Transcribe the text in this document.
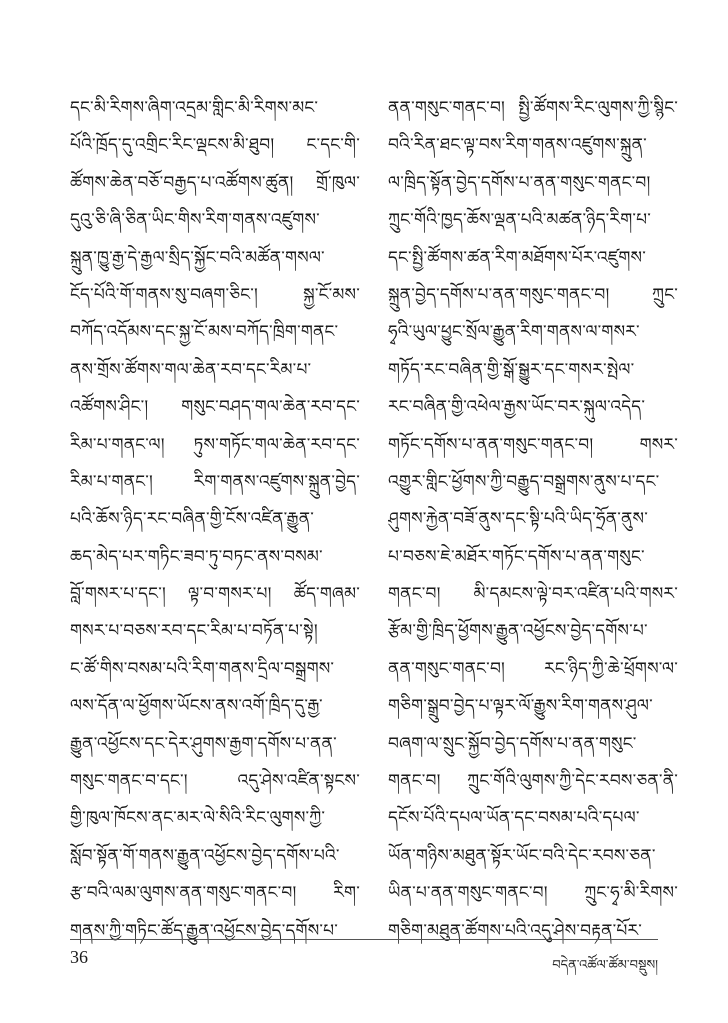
དང་མི་རིགས་ཞིག་འདྲམ་གླིང་མི་རིགས་མང་
པོའི་ཁྲོད་དུ་འགྲིང་རིང་ལྡངས་མི་ཐུབ། ང་དང་གི་
ཚོགས་ཆེན་བཅོ་བརྒྱད་པ་འཚོགས་ཚུན། གྲོ་ཁུལ་
དུའུ་ཅི་ཞི་ཅིན་ཡིང་གིས་རིག་གནས་འཛུགས་
སྐྲུན་ཁྱུ་རྒྱ་དེ་རྒྱལ་སྲིད་སྐྱོང་བའི་མཚོན་གསལ་
ངོད་པོའི་གོ་གནས་སུ་བཞག་ཅིང་། སྐྱ་ངོ་མས་
བཀོད་འདོམས་དང་སྐྱ་ངོ་མས་བཀོད་ཁྲིག་གནང་
ནས་གྲོས་ཚོགས་གལ་ཆེན་རབ་དང་རིམ་པ་
འཚོགས་ཤིང་། གསུང་བཤད་གལ་ཆེན་རབ་དང་
རིམ་པ་གནང་ལ། ཏུས་གཏོང་གལ་ཆེན་རབ་དང་
རིམ་པ་གནང་། རིག་གནས་འཛུགས་སྐྲུན་བྱེད་
པའི་ཆོས་ཉིད་རང་བཞིན་གྱི་ངོས་འཛིན་རྒྱུན་
ཆད་མེད་པར་གཏིང་ཟབ་ཏུ་བཏང་ནས་བསམ་
བློ་གསར་པ་དང་། ལྟ་བ་གསར་པ། ཚོད་གཞམ་
གསར་པ་བཅས་རབ་དང་རིམ་པ་བཏོན་པ་སྟེ།
ང་ཚོ་གིས་བསམ་པའི་རིག་གནས་དྲིལ་བསྒྲགས་
ལས་དོན་ལ་ཕྱོགས་ཡོངས་ནས་འགོ་ཁྲིད་དུ་རྒྱ་
རྒྱུན་འཕྱོངས་དང་དེར་ཤུགས་རྒྱག་དགོས་པ་ནན་
གསུང་གནང་བ་དང་། འདུ་ཤེས་འཛིན་སྟངས་
གྱི་ཁུལ་ཁོངས་ནང་མར་ལེ་སིའི་རིང་ལུགས་ཀྱི་
སློབ་སྟོན་གོ་གནས་རྒྱུན་འཕྱོངས་བྱེད་དགོས་པའི་
རྩ་བའི་ལམ་ལུགས་ནན་གསུང་གནང་བ། རིག་
གནས་ཀྱི་གཏིང་ཚོད་རྒྱུན་འཕྱོངས་བྱེད་དགོས་པ་
ནན་གསུང་གནང་བ། སྤྱི་ཚོགས་རིང་ལུགས་ཀྱི་སྙིང་
བའི་རིན་ཐང་ལྟ་བས་རིག་གནས་འཛུགས་སྐྲུན་
ལ་ཁྲིད་སྟོན་བྱེད་དགོས་པ་ནན་གསུང་གནང་བ།
ཀྲུང་གོའི་ཁྱད་ཆོས་ལྡན་པའི་མཚན་ཉིད་རིག་པ་
དང་སྤྱི་ཚོགས་ཚན་རིག་མཐོགས་པོར་འཛུགས་
སྐྲུན་བྱེད་དགོས་པ་ནན་གསུང་གནང་བ། ཀྲུང་
ཧྭའི་ཡུལ་ཕྱུང་སྲོལ་རྒྱུན་རིག་གནས་ལ་གསར་
གཏོད་རང་བཞིན་གྱི་སྒོ་སྒྱུར་དང་གསར་སྤེལ་
རང་བཞིན་གྱི་འཕེལ་རྒྱས་ཡོང་བར་སྐུལ་འདེད་
གཏོང་དགོས་པ་ནན་གསུང་གནང་བ། གསར་
འགྱུར་གླིང་ཕྱོགས་ཀྱི་བརྒྱུད་བསྒྲགས་ནུས་པ་དང་
ཤུགས་རྐྱེན་བཟོ་ནུས་དང་སྟི་པའི་ཡིད་ཧྲོན་ནུས་
པ་བཅས་ཇེ་མཐོར་གཏོང་དགོས་པ་ནན་གསུང་
གནང་བ། མི་དམངས་ལྟེ་བར་འཛིན་པའི་གསར་
རྩོམ་གྱི་ཁྲིད་ཕྱོགས་རྒྱུན་འཕྱོངས་བྱེད་དགོས་པ་
ནན་གསུང་གནང་བ། རང་ཉིད་ཀྱི་ཆེ་ཕྲོགས་ལ་
གཅིག་སྒྲུབ་བྱེད་པ་ལྟར་ལོ་རྒྱུས་རིག་གནས་ཤུལ་
བཞག་ལ་སྲུང་སྐྱོབ་བྱེད་དགོས་པ་ནན་གསུང་
གནང་བ། ཀྲུང་གོའི་ལུགས་ཀྱི་དེང་རབས་ཅན་ནི་
དངོས་པོའི་དཔལ་ཡོན་དང་བསམ་པའི་དཔལ་
ཡོན་གཉིས་མཐུན་སྟོར་ཡོང་བའི་དེང་རབས་ཅན་
ཡིན་པ་ནན་གསུང་གནང་བ། ཀྲུང་ཧྭ་མི་རིགས་
གཅིག་མཐུན་ཚོགས་པའི་འདུ་ཤེས་བརྟན་པོར་
36	བདེན་འཚོལ་ཚོམ་བསྡུས།
